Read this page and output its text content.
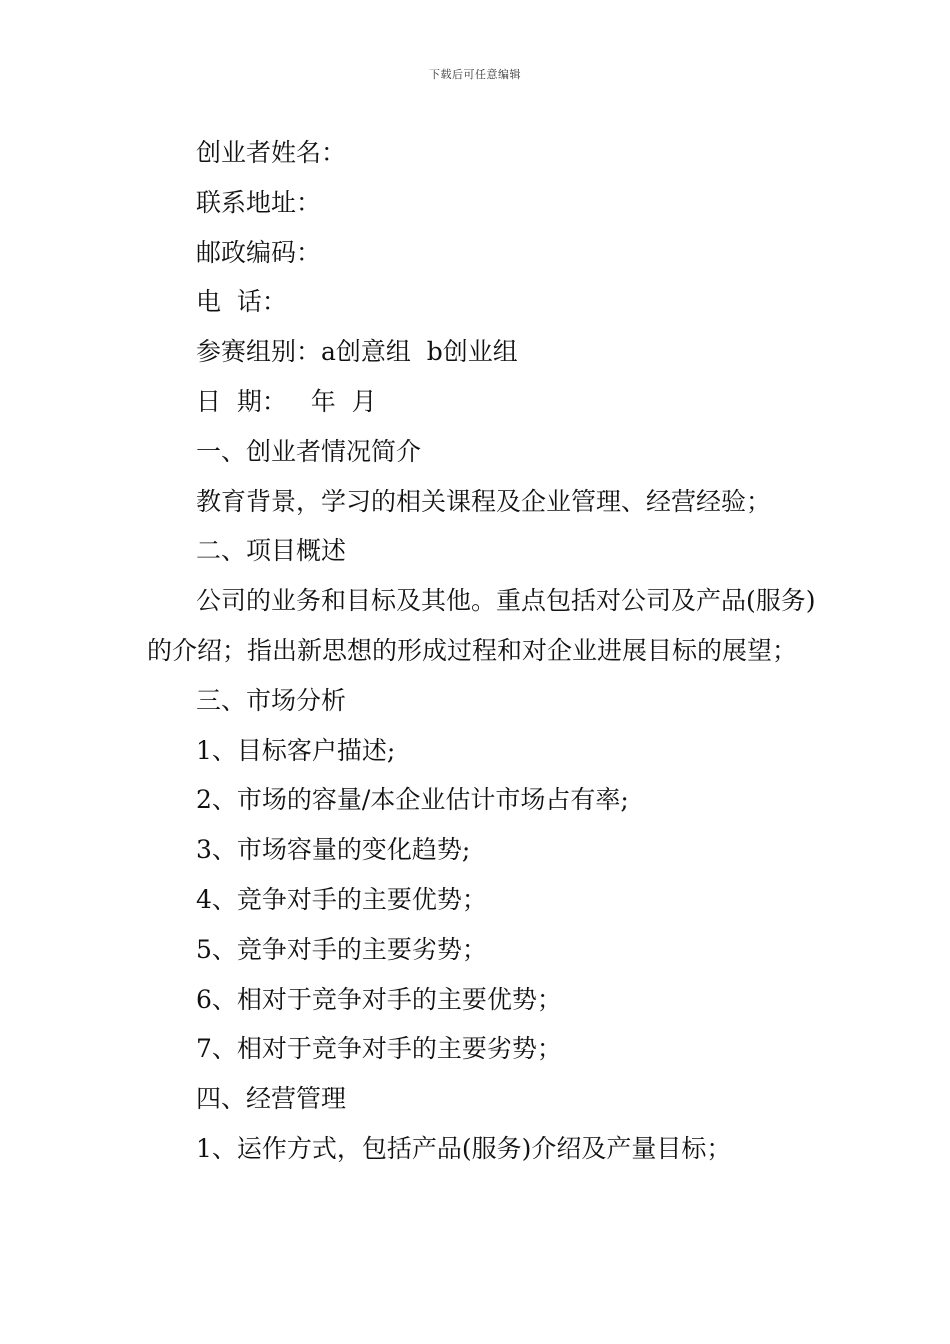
下载后可任意编辑
创业者姓名：
联系地址：
邮政编码：
电  话：
参赛组别：a创意组  b创业组
日  期：   年  月
一、创业者情况简介
教育背景，学习的相关课程及企业管理、经营经验；
二、项目概述

公司的业务和目标及其他。重点包括对公司及产品(服务)的介绍；指出新思想的形成过程和对企业进展目标的展望；

三、市场分析
1、目标客户描述;
2、市场的容量/本企业估计市场占有率;
3、市场容量的变化趋势;
4、竞争对手的主要优势；
5、竞争对手的主要劣势；
6、相对于竞争对手的主要优势；
7、相对于竞争对手的主要劣势；
四、经营管理
1、运作方式，包括产品(服务)介绍及产量目标；
